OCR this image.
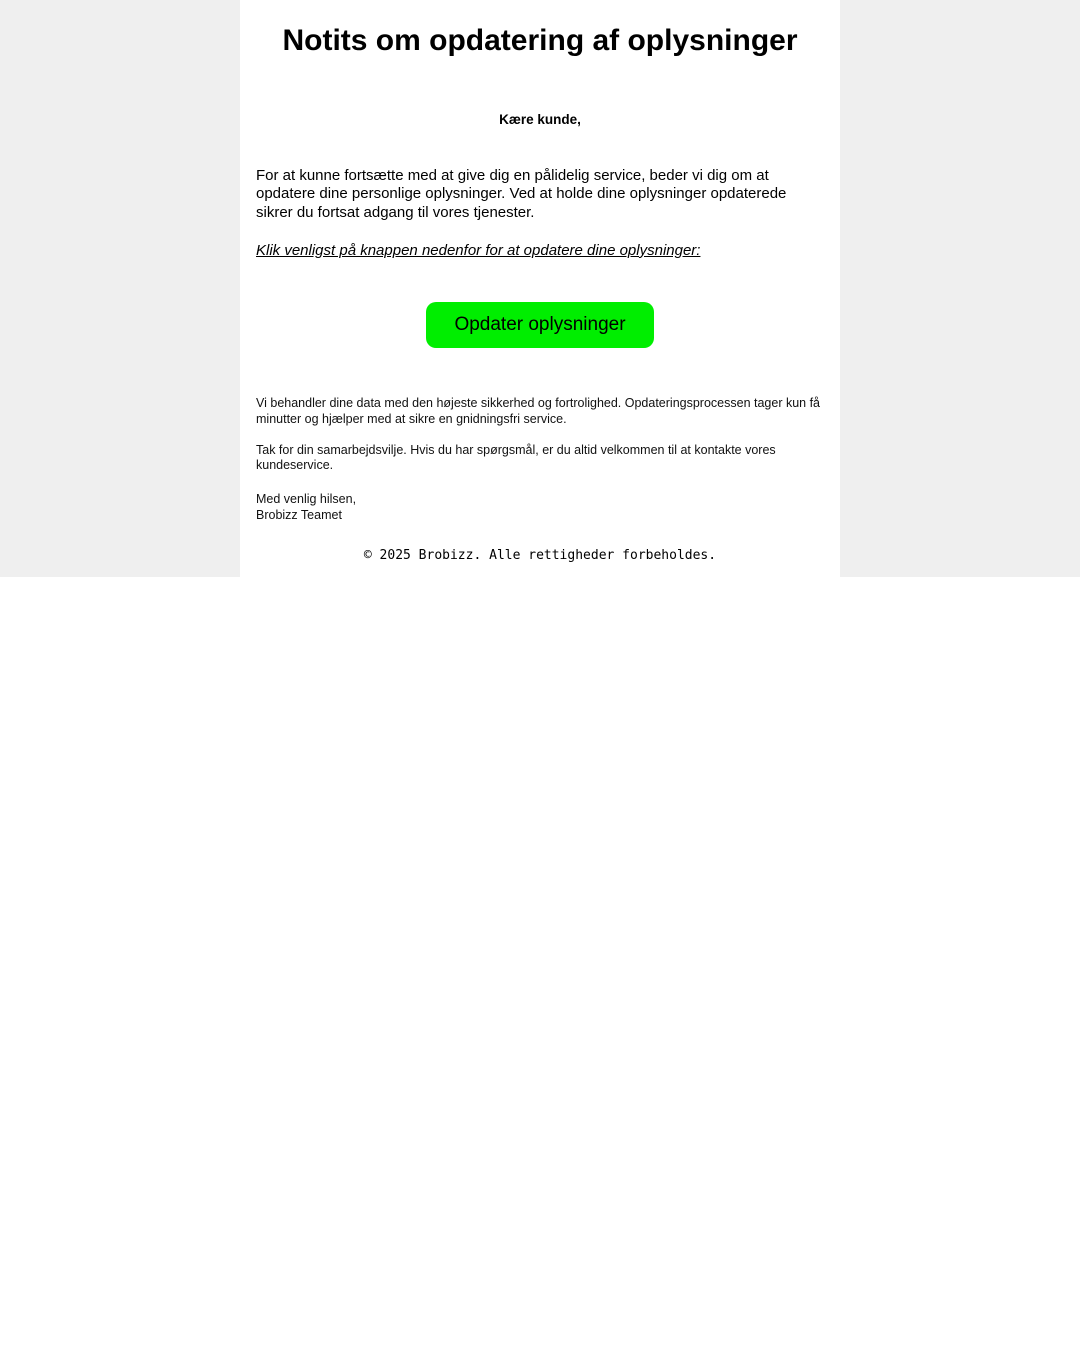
Notits om opdatering af oplysninger

Kære kunde,

For at kunne fortsætte med at give dig en pålidelig service, beder vi dig om at opdatere dine personlige oplysninger. Ved at holde dine oplysninger opdaterede sikrer du fortsat adgang til vores tjenester.

Klik venligst på knappen nedenfor for at opdatere dine oplysninger:

Opdater oplysninger

Vi behandler dine data med den højeste sikkerhed og fortrolighed. Opdateringsprocessen tager kun få minutter og hjælper med at sikre en gnidningsfri service.

Tak for din samarbejdsvilje. Hvis du har spørgsmål, er du altid velkommen til at kontakte vores kundeservice.

Med venlig hilsen,
Brobizz Teamet

© 2025 Brobizz. Alle rettigheder forbeholdes.
